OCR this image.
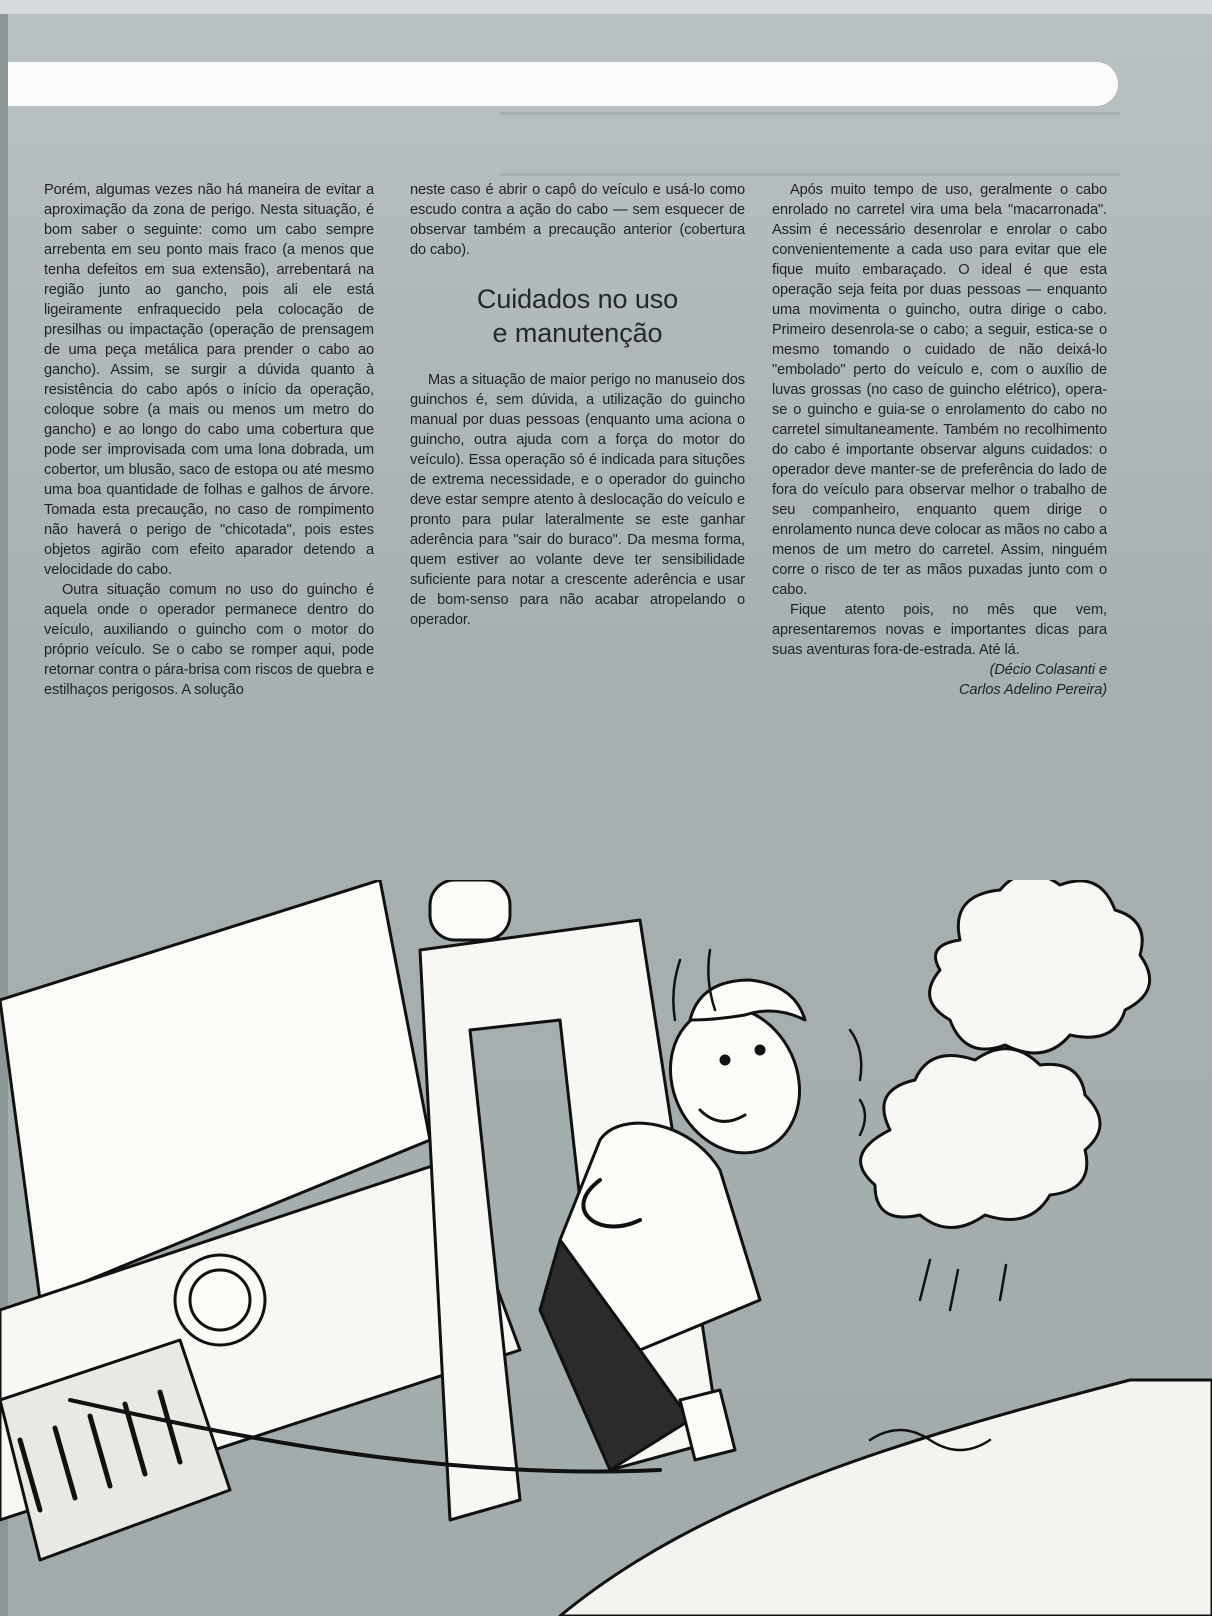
Porém, algumas vezes não há maneira de evitar a aproximação da zona de perigo. Nesta situação, é bom saber o seguinte: como um cabo sempre arrebenta em seu ponto mais fraco (a menos que tenha defeitos em sua extensão), arrebentará na região junto ao gancho, pois ali ele está ligeiramente enfraquecido pela colocação de presilhas ou impactação (operação de prensagem de uma peça metálica para prender o cabo ao gancho). Assim, se surgir a dúvida quanto à resistência do cabo após o início da operação, coloque sobre (a mais ou menos um metro do gancho) e ao longo do cabo uma cobertura que pode ser improvisada com uma lona dobrada, um cobertor, um blusão, saco de estopa ou até mesmo uma boa quantidade de folhas e galhos de árvore. Tomada esta precaução, no caso de rompimento não haverá o perigo de "chicotada", pois estes objetos agirão com efeito aparador detendo a velocidade do cabo.

Outra situação comum no uso do guincho é aquela onde o operador permanece dentro do veículo, auxiliando o guincho com o motor do próprio veículo. Se o cabo se romper aqui, pode retornar contra o pára-brisa com riscos de quebra e estilhaços perigosos. A solução

neste caso é abrir o capô do veículo e usá-lo como escudo contra a ação do cabo — sem esquecer de observar também a precaução anterior (cobertura do cabo).

Cuidados no uso
e manutenção

Mas a situação de maior perigo no manuseio dos guinchos é, sem dúvida, a utilização do guincho manual por duas pessoas (enquanto uma aciona o guincho, outra ajuda com a força do motor do veículo). Essa operação só é indicada para situções de extrema necessidade, e o operador do guincho deve estar sempre atento à deslocação do veículo e pronto para pular lateralmente se este ganhar aderência para "sair do buraco". Da mesma forma, quem estiver ao volante deve ter sensibilidade suficiente para notar a crescente aderência e usar de bom-senso para não acabar atropelando o operador.

Após muito tempo de uso, geralmente o cabo enrolado no carretel vira uma bela "macarronada". Assim é necessário desenrolar e enrolar o cabo convenientemente a cada uso para evitar que ele fique muito embaraçado. O ideal é que esta operação seja feita por duas pessoas — enquanto uma movimenta o guincho, outra dirige o cabo. Primeiro desenrola-se o cabo; a seguir, estica-se o mesmo tomando o cuidado de não deixá-lo "embolado" perto do veículo e, com o auxílio de luvas grossas (no caso de guincho elétrico), opera-se o guincho e guia-se o enrolamento do cabo no carretel simultaneamente. Também no recolhimento do cabo é importante observar alguns cuidados: o operador deve manter-se de preferência do lado de fora do veículo para observar melhor o trabalho de seu companheiro, enquanto quem dirige o enrolamento nunca deve colocar as mãos no cabo a menos de um metro do carretel. Assim, ninguém corre o risco de ter as mãos puxadas junto com o cabo.

Fique atento pois, no mês que vem, apresentaremos novas e importantes dicas para suas aventuras fora-de-estrada. Até lá.

(Décio Colasanti e
Carlos Adelino Pereira)
